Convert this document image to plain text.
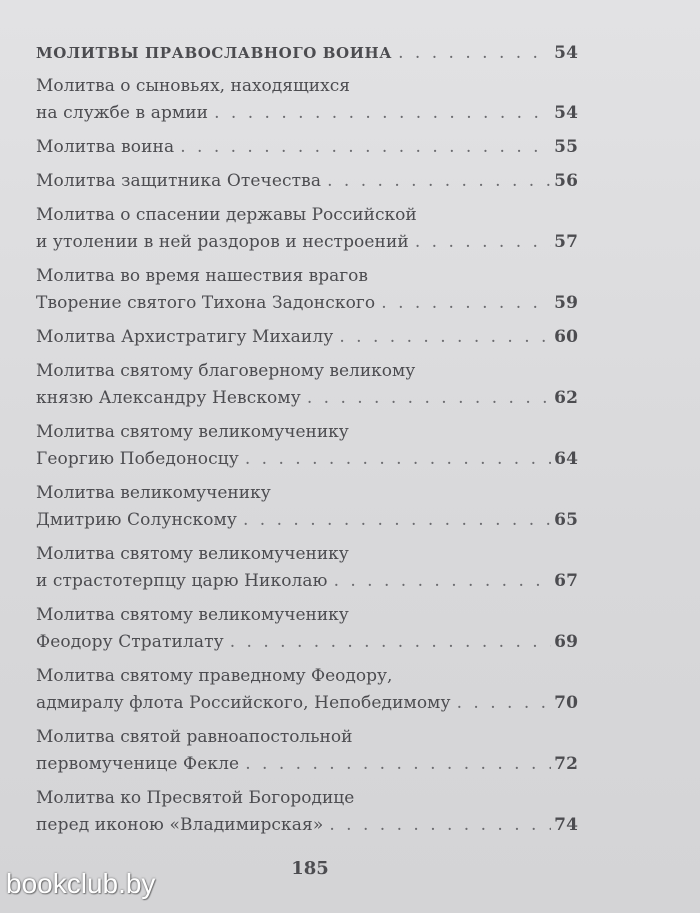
МОЛИТВЫ ПРАВОСЛАВНОГО ВОИНА . . .	54
Молитва о сыновьях, находящихся
на службе в армии . . .	54
Молитва воина . . .	55
Молитва защитника Отечества . . .	56
Молитва о спасении державы Российской
и утолении в ней раздоров и нестроений . . .	57
Молитва во время нашествия врагов
Творение святого Тихона Задонского . . .	59
Молитва Архистратигу Михаилу . . .	60
Молитва святому благоверному великому
князю Александру Невскому . . .	62
Молитва святому великомученику
Георгию Победоносцу . . .	64
Молитва великомученику
Дмитрию Солунскому . . .	65
Молитва святому великомученику
и страстотерпцу царю Николаю . . .	67
Молитва святому великомученику
Феодору Стратилату . . .	69
Молитва святому праведному Феодору,
адмиралу флота Российского, Непобедимому . . .	70
Молитва святой равноапостольной
первомученице Фекле . . .	72
Молитва ко Пресвятой Богородице
перед иконою «Владимирская» . . .	74
185
bookclub.by
